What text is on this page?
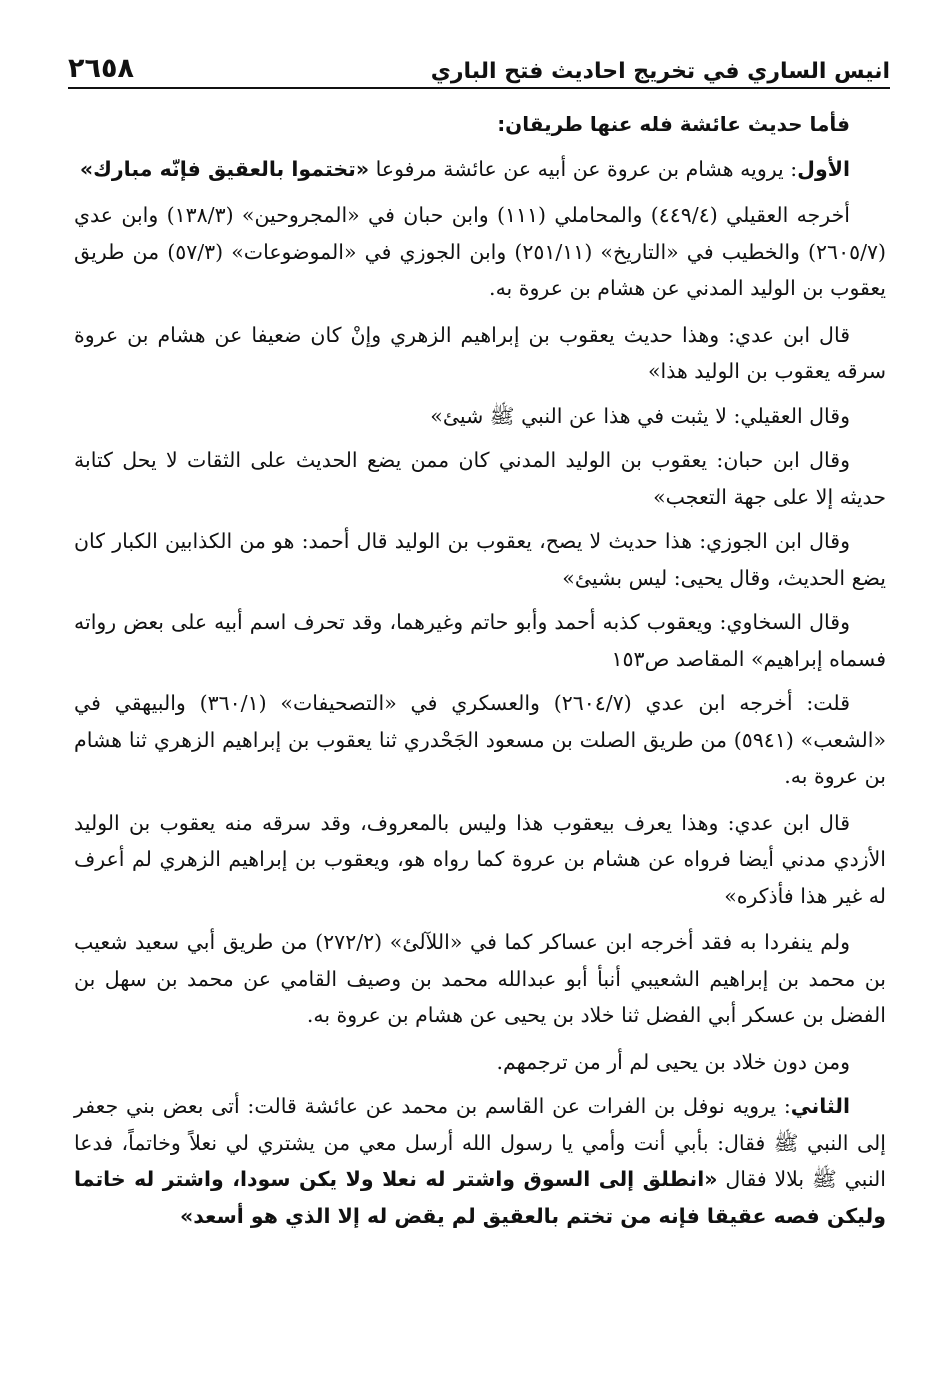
انيس الساري في تخريج احاديث فتح الباري
٢٦٥٨

فأما حديث عائشة فله عنها طريقان:

الأول: يرويه هشام بن عروة عن أبيه عن عائشة مرفوعا «تختموا بالعقيق فإنّه مبارك»

أخرجه العقيلي (٤٤٩/٤) والمحاملي (١١١) وابن حبان في «المجروحين» (١٣٨/٣) وابن عدي (٢٦٠٥/٧) والخطيب في «التاريخ» (٢٥١/١١) وابن الجوزي في «الموضوعات» (٥٧/٣) من طريق يعقوب بن الوليد المدني عن هشام بن عروة به.

قال ابن عدي: وهذا حديث يعقوب بن إبراهيم الزهري وإنْ كان ضعيفا عن هشام بن عروة سرقه يعقوب بن الوليد هذا»

وقال العقيلي: لا يثبت في هذا عن النبي ﷺ شيئ»

وقال ابن حبان: يعقوب بن الوليد المدني كان ممن يضع الحديث على الثقات لا يحل كتابة حديثه إلا على جهة التعجب»

وقال ابن الجوزي: هذا حديث لا يصح، يعقوب بن الوليد قال أحمد: هو من الكذابين الكبار كان يضع الحديث، وقال يحيى: ليس بشيئ»

وقال السخاوي: ويعقوب كذبه أحمد وأبو حاتم وغيرهما، وقد تحرف اسم أبيه على بعض رواته فسماه إبراهيم» المقاصد ص١٥٣

قلت: أخرجه ابن عدي (٢٦٠٤/٧) والعسكري في «التصحيفات» (٣٦٠/١) والبيهقي في «الشعب» (٥٩٤١) من طريق الصلت بن مسعود الجَحْدري ثنا يعقوب بن إبراهيم الزهري ثنا هشام بن عروة به.

قال ابن عدي: وهذا يعرف بيعقوب هذا وليس بالمعروف، وقد سرقه منه يعقوب بن الوليد الأزدي مدني أيضا فرواه عن هشام بن عروة كما رواه هو، ويعقوب بن إبراهيم الزهري لم أعرف له غير هذا فأذكره»

ولم ينفردا به فقد أخرجه ابن عساكر كما في «اللآلئ» (٢٧٢/٢) من طريق أبي سعيد شعيب بن محمد بن إبراهيم الشعيبي أنبأ أبو عبدالله محمد بن وصيف القامي عن محمد بن سهل بن الفضل بن عسكر أبي الفضل ثنا خلاد بن يحيى عن هشام بن عروة به.

ومن دون خلاد بن يحيى لم أر من ترجمهم.

الثاني: يرويه نوفل بن الفرات عن القاسم بن محمد عن عائشة قالت: أتى بعض بني جعفر إلى النبي ﷺ فقال: بأبي أنت وأمي يا رسول الله أرسل معي من يشتري لي نعلاً وخاتماً، فدعا النبي ﷺ بلالا فقال «انطلق إلى السوق واشتر له نعلا ولا يكن سودا، واشتر له خاتما وليكن فصه عقيقا فإنه من تختم بالعقيق لم يقض له إلا الذي هو أسعد»
